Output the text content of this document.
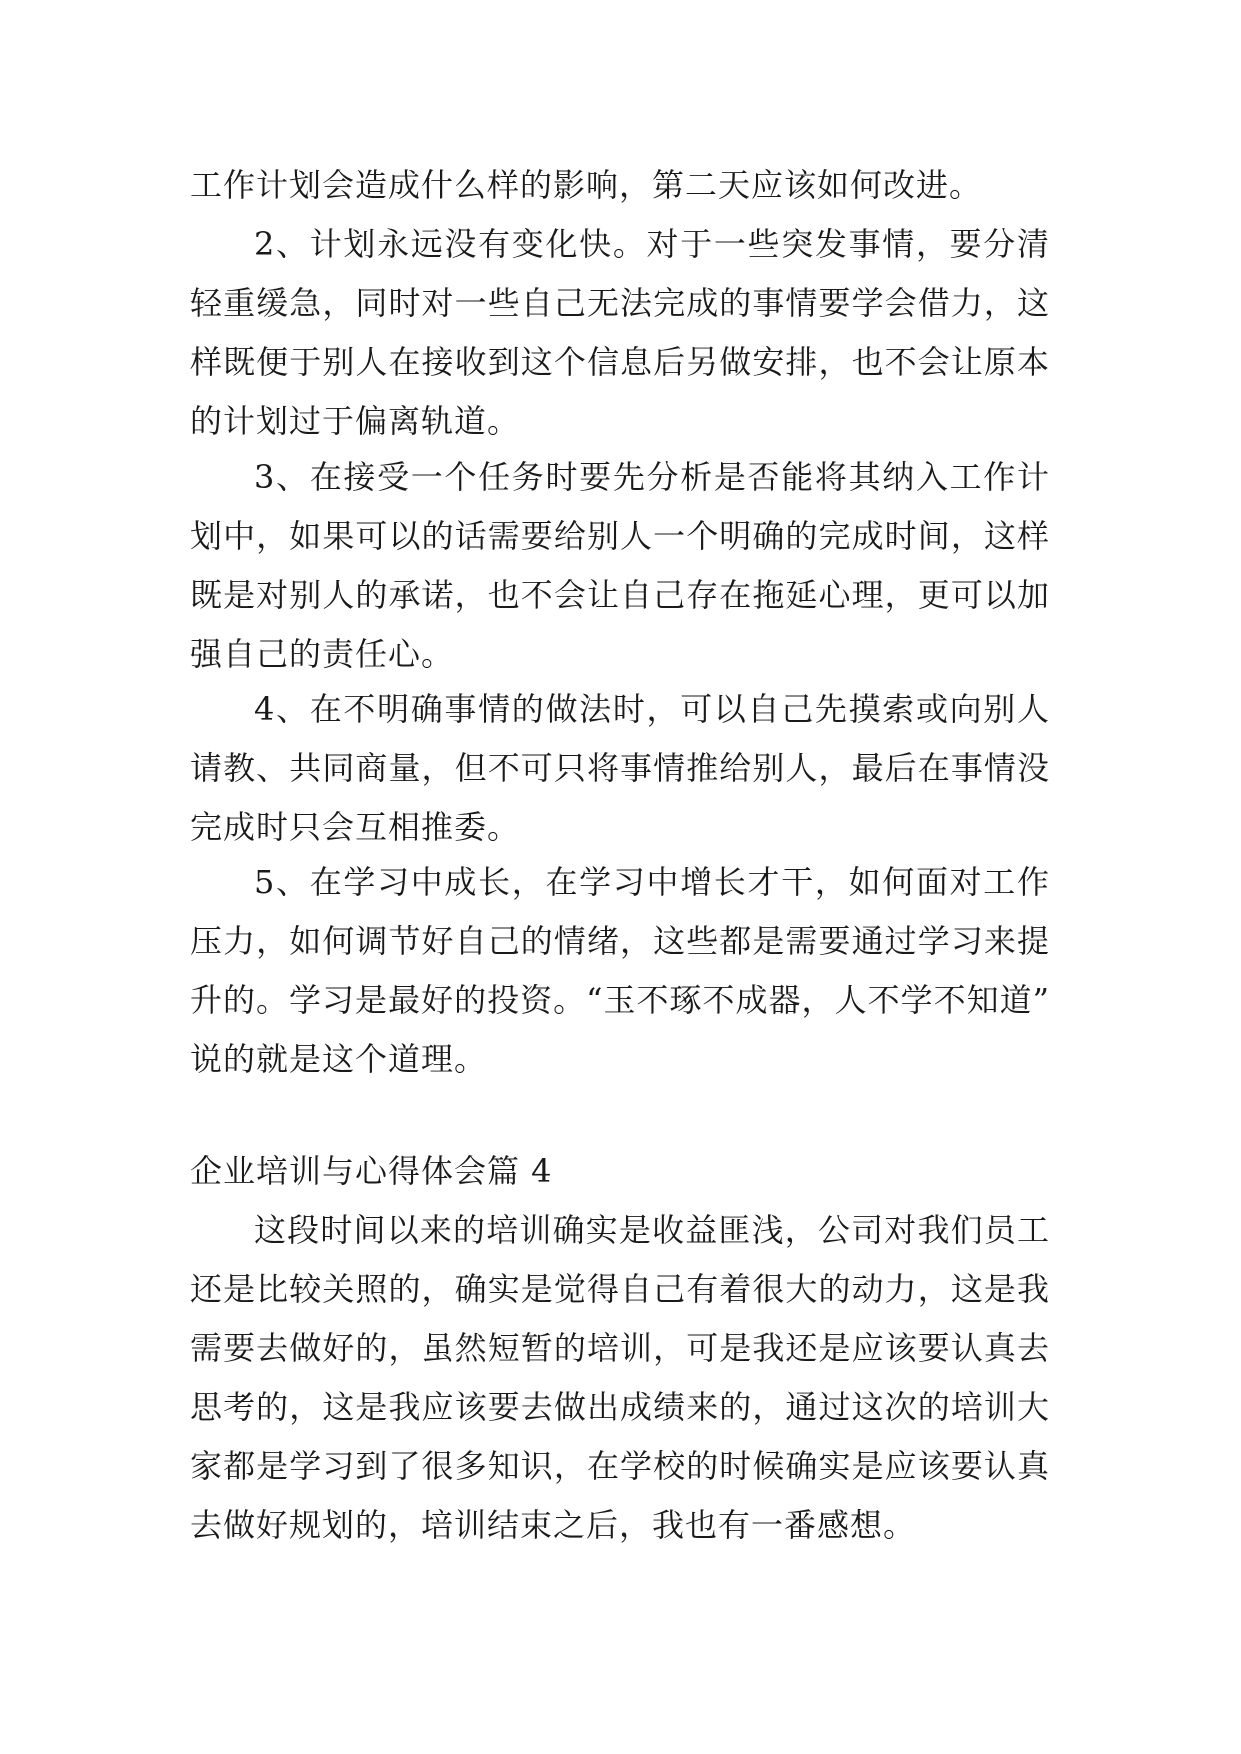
工作计划会造成什么样的影响，第二天应该如何改进。
2、计划永远没有变化快。对于一些突发事情，要分清
轻重缓急，同时对一些自己无法完成的事情要学会借力，这
样既便于别人在接收到这个信息后另做安排，也不会让原本
的计划过于偏离轨道。
3、在接受一个任务时要先分析是否能将其纳入工作计
划中，如果可以的话需要给别人一个明确的完成时间，这样
既是对别人的承诺，也不会让自己存在拖延心理，更可以加
强自己的责任心。
4、在不明确事情的做法时，可以自己先摸索或向别人
请教、共同商量，但不可只将事情推给别人，最后在事情没
完成时只会互相推委。
5、在学习中成长，在学习中增长才干，如何面对工作
压力，如何调节好自己的情绪，这些都是需要通过学习来提
升的。学习是最好的投资。“玉不琢不成器，人不学不知道”
说的就是这个道理。
企业培训与心得体会篇 4
这段时间以来的培训确实是收益匪浅，公司对我们员工
还是比较关照的，确实是觉得自己有着很大的动力，这是我
需要去做好的，虽然短暂的培训，可是我还是应该要认真去
思考的，这是我应该要去做出成绩来的，通过这次的培训大
家都是学习到了很多知识，在学校的时候确实是应该要认真
去做好规划的，培训结束之后，我也有一番感想。
